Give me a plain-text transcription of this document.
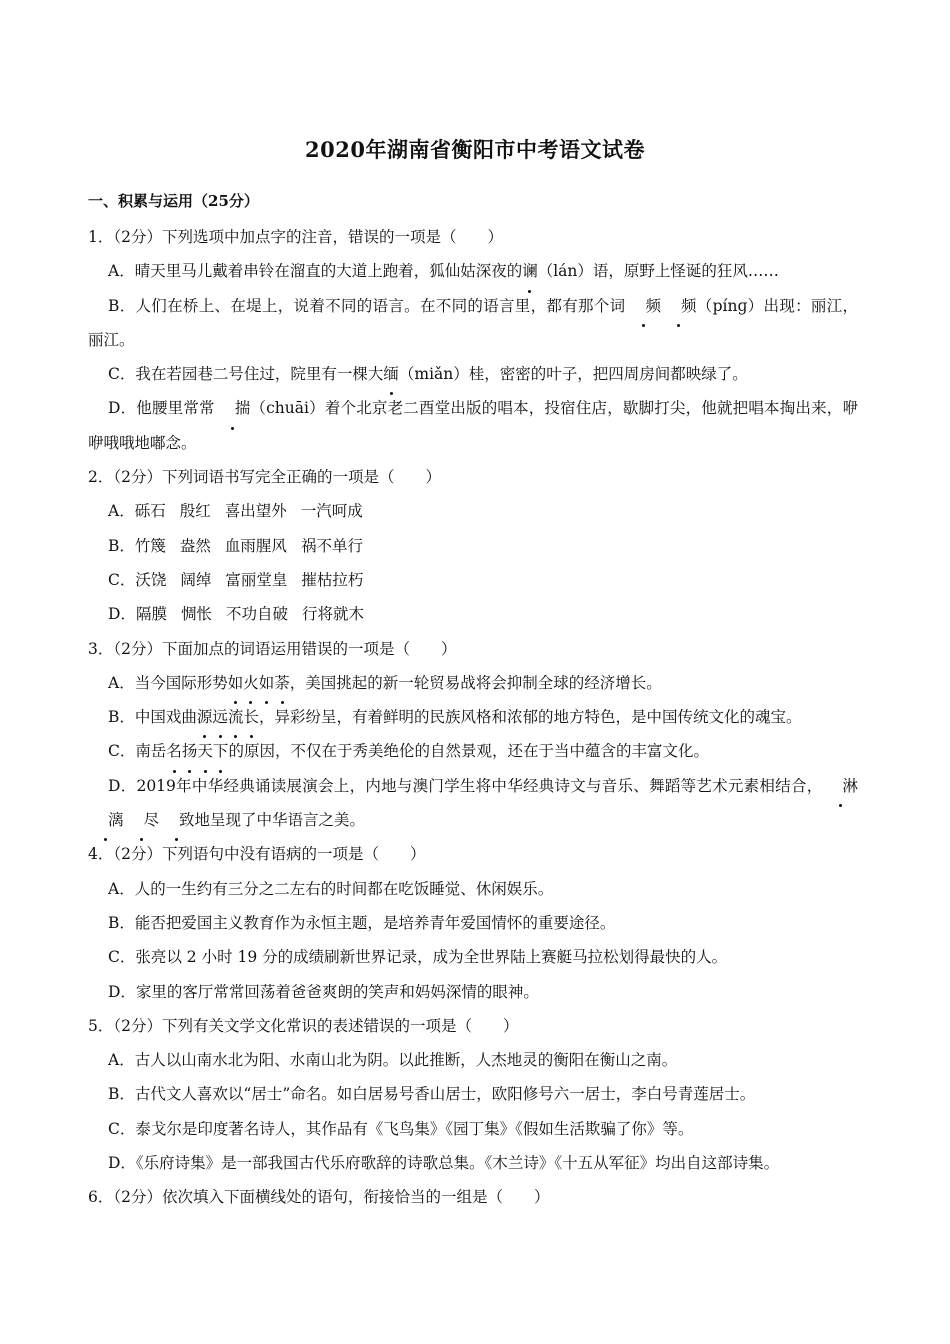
2020年湖南省衡阳市中考语文试卷
一、积累与运用（25分）

1．（2分）下列选项中加点字的注音，错误的一项是（　　）

A．晴天里马儿戴着串铃在溜直的大道上跑着，狐仙姑深夜的谰（lán）语，原野上怪诞的狂风……

B．人们在桥上、在堤上，说着不同的语言。在不同的语言里，都有那个词 频 频（pínɡ）出现：丽江，丽江。

C．我在若园巷二号住过，院里有一棵大缅（miǎn）桂，密密的叶子，把四周房间都映绿了。

D．他腰里常常 揣（chuāi）着个北京老二酉堂出版的唱本，投宿住店，歇脚打尖，他就把唱本掏出来，咿咿哦哦地嘟念。

2．（2分）下列词语书写完全正确的一项是（　　）

A．砾石 殷红 喜出望外 一汽呵成

B．竹篾 盎然 血雨腥风 祸不单行

C．沃饶 阔绰 富丽堂皇 摧枯拉朽

D．隔膜 惆怅 不功自破 行将就木

3．（2分）下面加点的词语运用错误的一项是（　　）

A．当今国际形势如火如荼，美国挑起的新一轮贸易战将会抑制全球的经济增长。

B．中国戏曲源远流长，异彩纷呈，有着鲜明的民族风格和浓郁的地方特色，是中国传统文化的魂宝。

C．南岳名扬天下的原因，不仅在于秀美绝伦的自然景观，还在于当中蕴含的丰富文化。

D．2019年中华经典诵读展演会上，内地与澳门学生将中华经典诗文与音乐、舞蹈等艺术元素相结合， 淋漓 尽 致地呈现了中华语言之美。

4．（2分）下列语句中没有语病的一项是（　　）

A．人的一生约有三分之二左右的时间都在吃饭睡觉、休闲娱乐。

B．能否把爱国主义教育作为永恒主题，是培养青年爱国情怀的重要途径。

C．张亮以 2 小时 19 分的成绩刷新世界记录，成为全世界陆上赛艇马拉松划得最快的人。

D．家里的客厅常常回荡着爸爸爽朗的笑声和妈妈深情的眼神。

5．（2分）下列有关文学文化常识的表述错误的一项是（　　）

A．古人以山南水北为阳、水南山北为阴。以此推断，人杰地灵的衡阳在衡山之南。

B．古代文人喜欢以“居士”命名。如白居易号香山居士，欧阳修号六一居士，李白号青莲居士。

C．泰戈尔是印度著名诗人，其作品有《飞鸟集》《园丁集》《假如生活欺骗了你》等。

D．《乐府诗集》是一部我国古代乐府歌辞的诗歌总集。《木兰诗》《十五从军征》均出自这部诗集。

6．（2分）依次填入下面横线处的语句，衔接恰当的一组是（　　）
